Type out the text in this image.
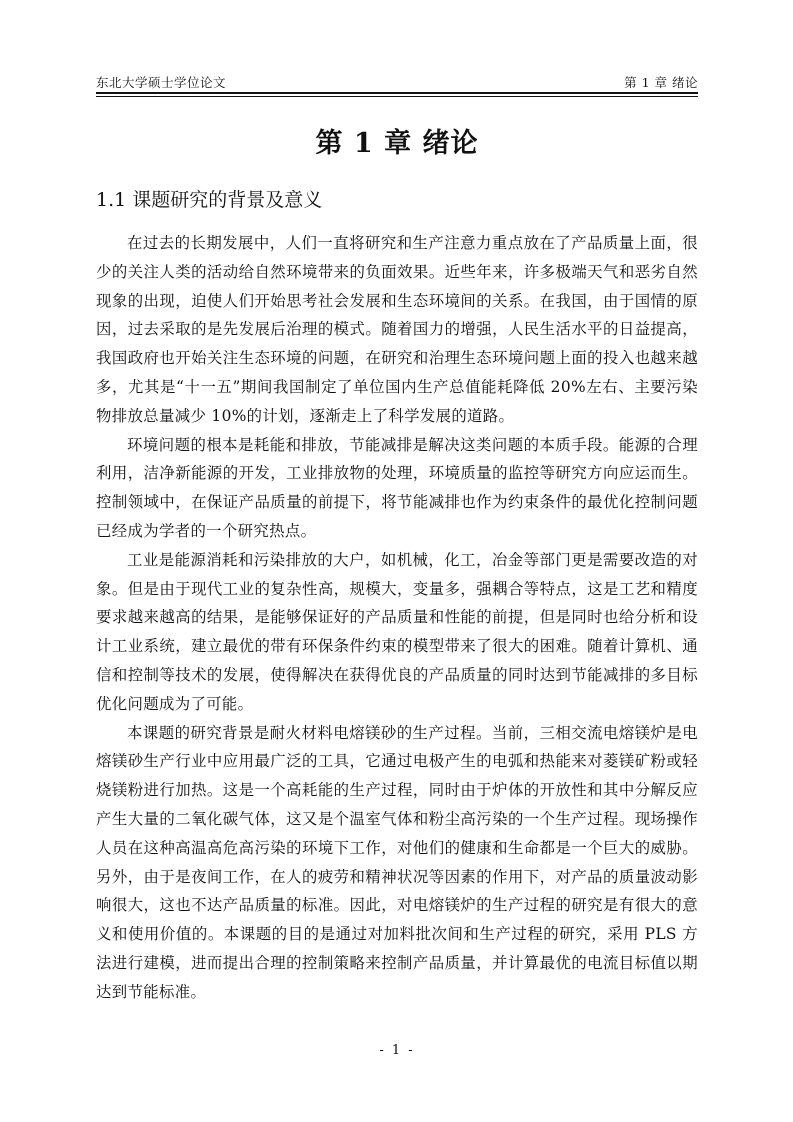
东北大学硕士学位论文	第 1 章 绪论
第 1 章 绪论
1.1 课题研究的背景及意义

在过去的长期发展中，人们一直将研究和生产注意力重点放在了产品质量上面，很少的关注人类的活动给自然环境带来的负面效果。近些年来，许多极端天气和恶劣自然现象的出现，迫使人们开始思考社会发展和生态环境间的关系。在我国，由于国情的原因，过去采取的是先发展后治理的模式。随着国力的增强，人民生活水平的日益提高，我国政府也开始关注生态环境的问题，在研究和治理生态环境问题上面的投入也越来越多，尤其是“十一五”期间我国制定了单位国内生产总值能耗降低 20%左右、主要污染物排放总量减少 10%的计划，逐渐走上了科学发展的道路。

环境问题的根本是耗能和排放，节能减排是解决这类问题的本质手段。能源的合理利用，洁净新能源的开发，工业排放物的处理，环境质量的监控等研究方向应运而生。控制领域中，在保证产品质量的前提下，将节能减排也作为约束条件的最优化控制问题已经成为学者的一个研究热点。

工业是能源消耗和污染排放的大户，如机械，化工，冶金等部门更是需要改造的对象。但是由于现代工业的复杂性高，规模大，变量多，强耦合等特点，这是工艺和精度要求越来越高的结果，是能够保证好的产品质量和性能的前提，但是同时也给分析和设计工业系统，建立最优的带有环保条件约束的模型带来了很大的困难。随着计算机、通信和控制等技术的发展，使得解决在获得优良的产品质量的同时达到节能减排的多目标优化问题成为了可能。

本课题的研究背景是耐火材料电熔镁砂的生产过程。当前，三相交流电熔镁炉是电熔镁砂生产行业中应用最广泛的工具，它通过电极产生的电弧和热能来对菱镁矿粉或轻烧镁粉进行加热。这是一个高耗能的生产过程，同时由于炉体的开放性和其中分解反应产生大量的二氧化碳气体，这又是个温室气体和粉尘高污染的一个生产过程。现场操作人员在这种高温高危高污染的环境下工作，对他们的健康和生命都是一个巨大的威胁。另外，由于是夜间工作，在人的疲劳和精神状况等因素的作用下，对产品的质量波动影响很大，这也不达产品质量的标准。因此，对电熔镁炉的生产过程的研究是有很大的意义和使用价值的。本课题的目的是通过对加料批次间和生产过程的研究，采用 PLS 方法进行建模，进而提出合理的控制策略来控制产品质量，并计算最优的电流目标值以期达到节能标准。

- 1 -
